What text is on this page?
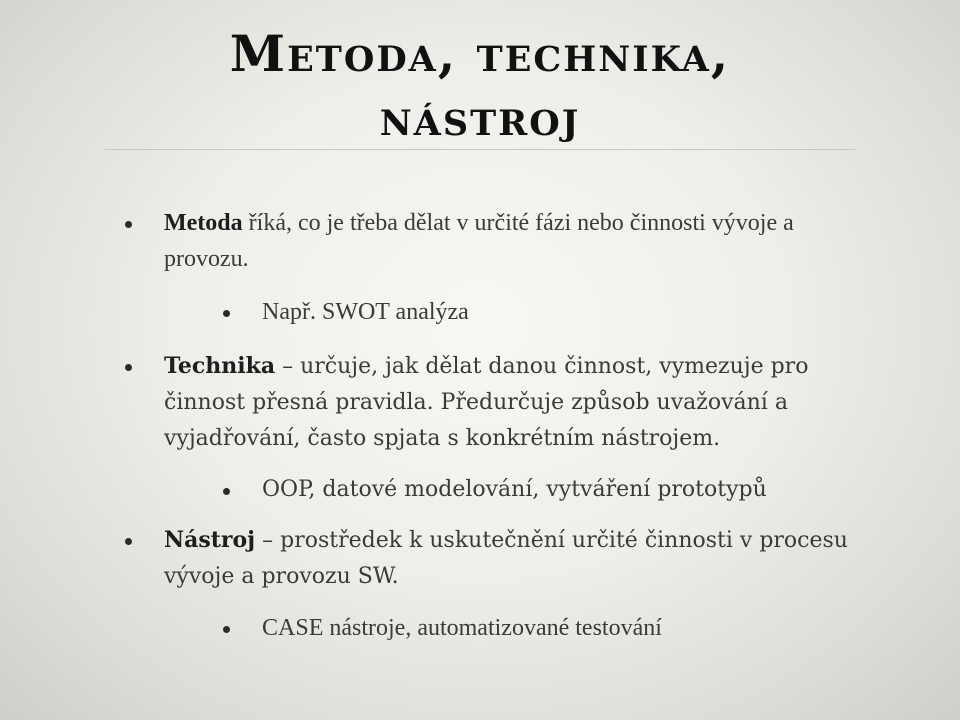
Metoda, technika,
nástroj
Metoda říká, co je třeba dělat v určité fázi nebo činnosti vývoje a provozu.
Např. SWOT analýza
Technika – určuje, jak dělat danou činnost, vymezuje pro činnost přesná pravidla. Předurčuje způsob uvažování a vyjadřování, často spjata s konkrétním nástrojem.
OOP, datové modelování, vytváření prototypů
Nástroj – prostředek k uskutečnění určité činnosti v procesu vývoje a provozu SW.
CASE nástroje, automatizované testování
